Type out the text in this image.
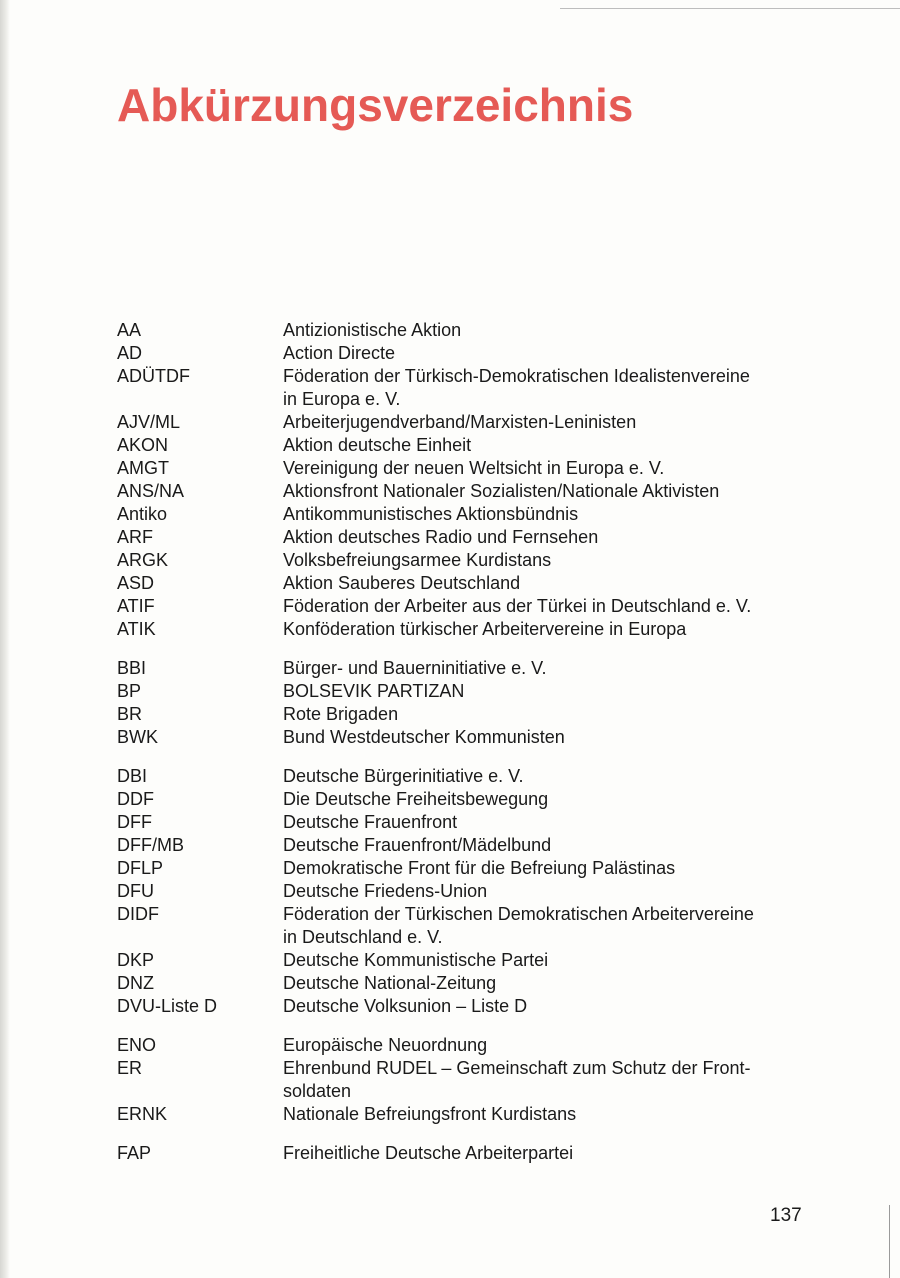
Abkürzungsverzeichnis
AA	Antizionistische Aktion
AD	Action Directe
ADÜTDF	Föderation der Türkisch-Demokratischen Idealistenvereine
in Europa e. V.
AJV/ML	Arbeiterjugendverband/Marxisten-Leninisten
AKON	Aktion deutsche Einheit
AMGT	Vereinigung der neuen Weltsicht in Europa e. V.
ANS/NA	Aktionsfront Nationaler Sozialisten/Nationale Aktivisten
Antiko	Antikommunistisches Aktionsbündnis
ARF	Aktion deutsches Radio und Fernsehen
ARGK	Volksbefreiungsarmee Kurdistans
ASD	Aktion Sauberes Deutschland
ATIF	Föderation der Arbeiter aus der Türkei in Deutschland e. V.
ATIK	Konföderation türkischer Arbeitervereine in Europa
BBI	Bürger- und Bauerninitiative e. V.
BP	BOLSEVIK PARTIZAN
BR	Rote Brigaden
BWK	Bund Westdeutscher Kommunisten
DBI	Deutsche Bürgerinitiative e. V.
DDF	Die Deutsche Freiheitsbewegung
DFF	Deutsche Frauenfront
DFF/MB	Deutsche Frauenfront/Mädelbund
DFLP	Demokratische Front für die Befreiung Palästinas
DFU	Deutsche Friedens-Union
DIDF	Föderation der Türkischen Demokratischen Arbeitervereine
in Deutschland e. V.
DKP	Deutsche Kommunistische Partei
DNZ	Deutsche National-Zeitung
DVU-Liste D	Deutsche Volksunion – Liste D
ENO	Europäische Neuordnung
ER	Ehrenbund RUDEL – Gemeinschaft zum Schutz der Front-
soldaten
ERNK	Nationale Befreiungsfront Kurdistans
FAP	Freiheitliche Deutsche Arbeiterpartei
137
